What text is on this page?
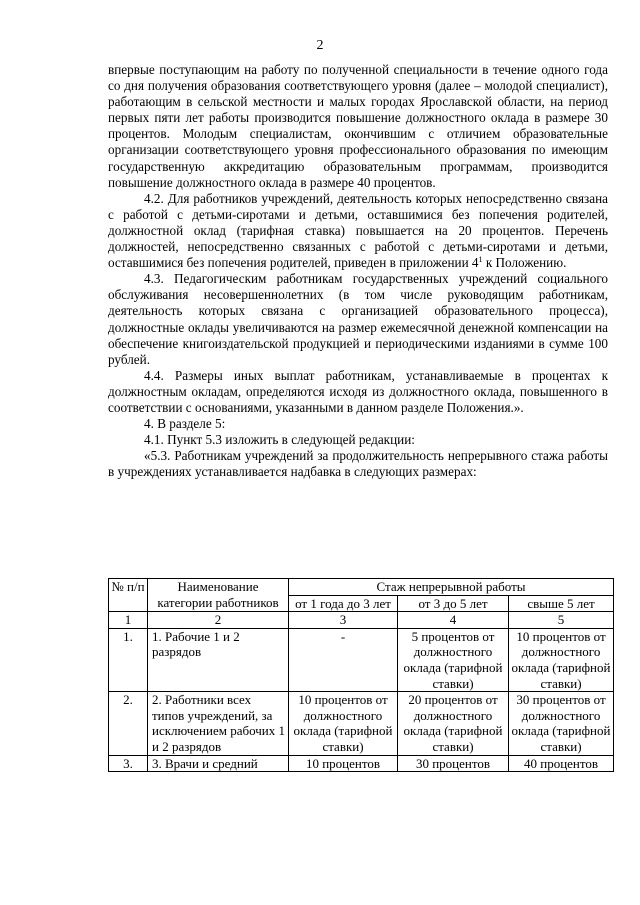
2

впервые поступающим на работу по полученной специальности в течение одного года со дня получения образования соответствующего уровня (далее – молодой специалист), работающим в сельской местности и малых городах Ярославской области, на период первых пяти лет работы производится повышение должностного оклада в размере 30 процентов. Молодым специалистам, окончившим с отличием образовательные организации соответствующего уровня профессионального образования по имеющим государственную аккредитацию образовательным программам, производится повышение должностного оклада в размере 40 процентов.

4.2. Для работников учреждений, деятельность которых непосредственно связана с работой с детьми-сиротами и детьми, оставшимися без попечения родителей, должностной оклад (тарифная ставка) повышается на 20 процентов. Перечень должностей, непосредственно связанных с работой с детьми-сиротами и детьми, оставшимися без попечения родителей, приведен в приложении $4^1$ к Положению.

4.3. Педагогическим работникам государственных учреждений социального обслуживания несовершеннолетних (в том числе руководящим работникам, деятельность которых связана с организацией образовательного процесса), должностные оклады увеличиваются на размер ежемесячной денежной компенсации на обеспечение книгоиздательской продукцией и периодическими изданиями в сумме 100 рублей.

4.4. Размеры иных выплат работникам, устанавливаемые в процентах к должностным окладам, определяются исходя из должностного оклада, повышенного в соответствии с основаниями, указанными в данном разделе Положения.».

4. В разделе 5:

4.1. Пункт 5.3 изложить в следующей редакции:

«5.3. Работникам учреждений за продолжительность непрерывного стажа работы в учреждениях устанавливается надбавка в следующих размерах:

№ п/п	Наименование категории работников	Стаж непрерывной работы		
		от 1 года до 3 лет	от 3 до 5 лет	свыше 5 лет
1	2	3	4	5
1.	1. Рабочие 1 и 2 разрядов	-	5 процентов от должностного оклада (тарифной ставки)	10 процентов от должностного оклада (тарифной ставки)
2.	2. Работники всех типов учреждений, за исключением рабочих 1 и 2 разрядов	10 процентов от должностного оклада (тарифной ставки)	20 процентов от должностного оклада (тарифной ставки)	30 процентов от должностного оклада (тарифной ставки)
3.	3. Врачи и средний	10 процентов	30 процентов	40 процентов
